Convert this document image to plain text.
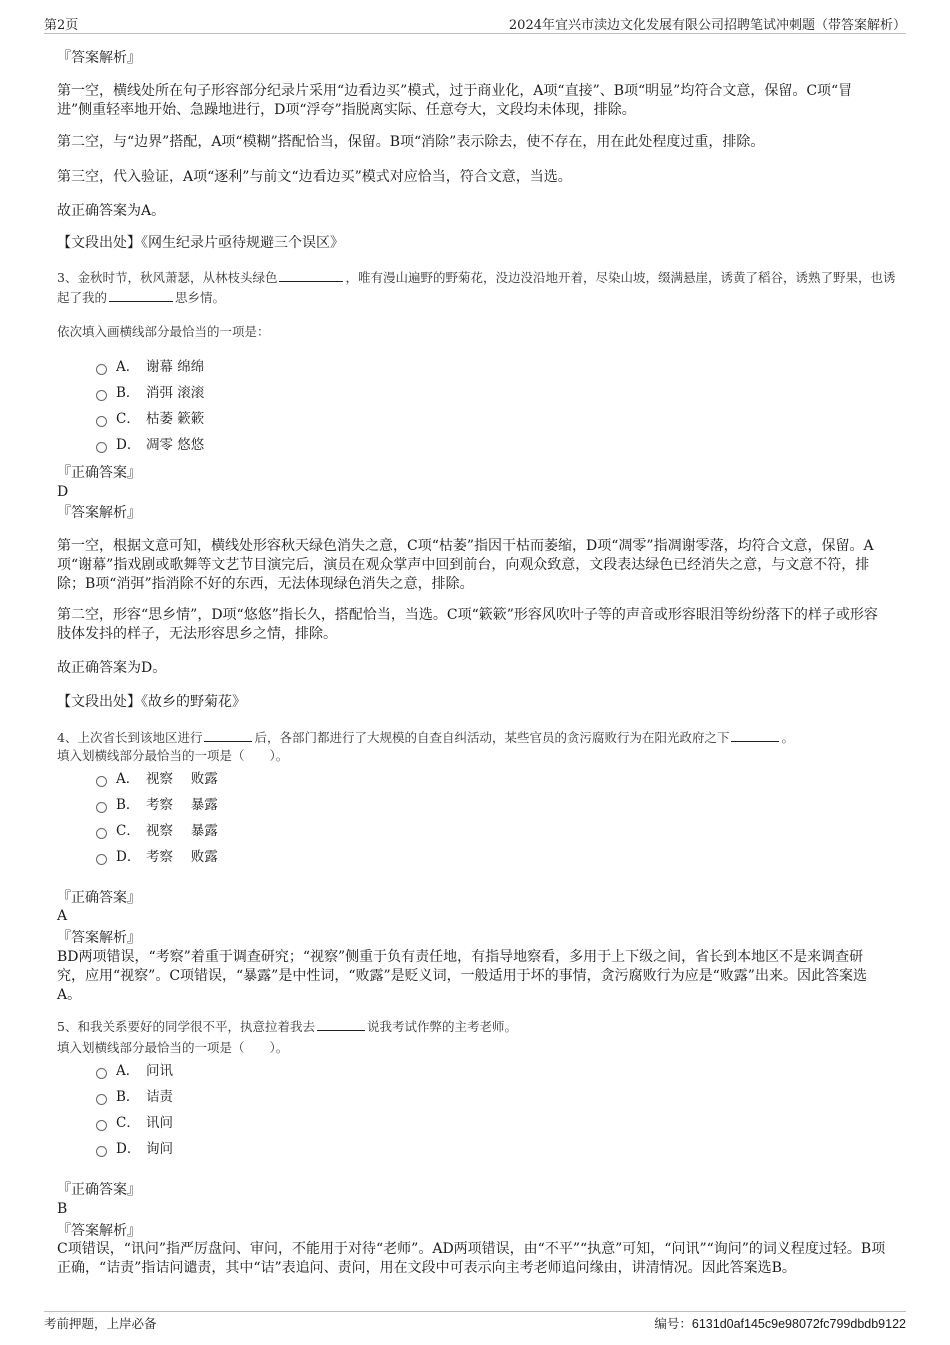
第2页	2024年宜兴市渎边文化发展有限公司招聘笔试冲刺题（带答案解析）
『答案解析』

第一空，横线处所在句子形容部分纪录片采用“边看边买”模式，过于商业化，A项“直接”、B项“明显”均符合文意，保留。C项“冒进”侧重轻率地开始、急躁地进行，D项“浮夸”指脱离实际、任意夸大，文段均未体现，排除。

第二空，与“边界”搭配，A项“模糊”搭配恰当，保留。B项“消除”表示除去，使不存在，用在此处程度过重，排除。

第三空，代入验证，A项“逐利”与前文“边看边买”模式对应恰当，符合文意，当选。

故正确答案为A。

【文段出处】《网生纪录片亟待规避三个误区》

3、金秋时节，秋风萧瑟，从林枝头绿色	，唯有漫山遍野的野菊花，没边没沿地开着，尽染山坡，缀满悬崖，诱黄了稻谷，诱熟了野果，也诱起了我的	思乡情。

依次填入画横线部分最恰当的一项是：

A． 谢幕 绵绵
B． 消弭 滚滚
C． 枯萎 簌簌
D． 凋零 悠悠
『正确答案』
D
『答案解析』

第一空，根据文意可知，横线处形容秋天绿色消失之意，C项“枯萎”指因干枯而萎缩，D项“凋零”指凋谢零落，均符合文意，保留。A项“谢幕”指戏剧或歌舞等文艺节目演完后，演员在观众掌声中回到前台，向观众致意，文段表达绿色已经消失之意，与文意不符，排除；B项“消弭”指消除不好的东西，无法体现绿色消失之意，排除。

第二空，形容“思乡情”，D项“悠悠”指长久，搭配恰当，当选。C项“簌簌”形容风吹叶子等的声音或形容眼泪等纷纷落下的样子或形容肢体发抖的样子，无法形容思乡之情，排除。

故正确答案为D。

【文段出处】《故乡的野菊花》

4、上次省长到该地区进行	后，各部门都进行了大规模的自查自纠活动，某些官员的贪污腐败行为在阳光政府之下	。

填入划横线部分最恰当的一项是（　　）。

A． 视察　 败露
B． 考察　 暴露
C． 视察　 暴露
D． 考察　 败露
『正确答案』
A
『答案解析』

BD两项错误，“考察”着重于调查研究；“视察”侧重于负有责任地，有指导地察看，多用于上下级之间，省长到本地区不是来调查研究，应用“视察”。C项错误，“暴露”是中性词，“败露”是贬义词，一般适用于坏的事情，贪污腐败行为应是“败露”出来。因此答案选A。

5、和我关系要好的同学很不平，执意拉着我去	说我考试作弊的主考老师。

填入划横线部分最恰当的一项是（　　）。

A． 问讯
B． 诘责
C． 讯问
D． 询问
『正确答案』
B
『答案解析』

C项错误，“讯问”指严厉盘问、审问，不能用于对待“老师”。AD两项错误，由“不平”“执意”可知，“问讯”“询问”的词义程度过轻。B项正确，“诘责”指诘问谴责，其中“诘”表追问、责问，用在文段中可表示向主考老师追问缘由，讲清情况。因此答案选B。

考前押题，上岸必备	编号：6131d0af145c9e98072fc799dbdb9122
